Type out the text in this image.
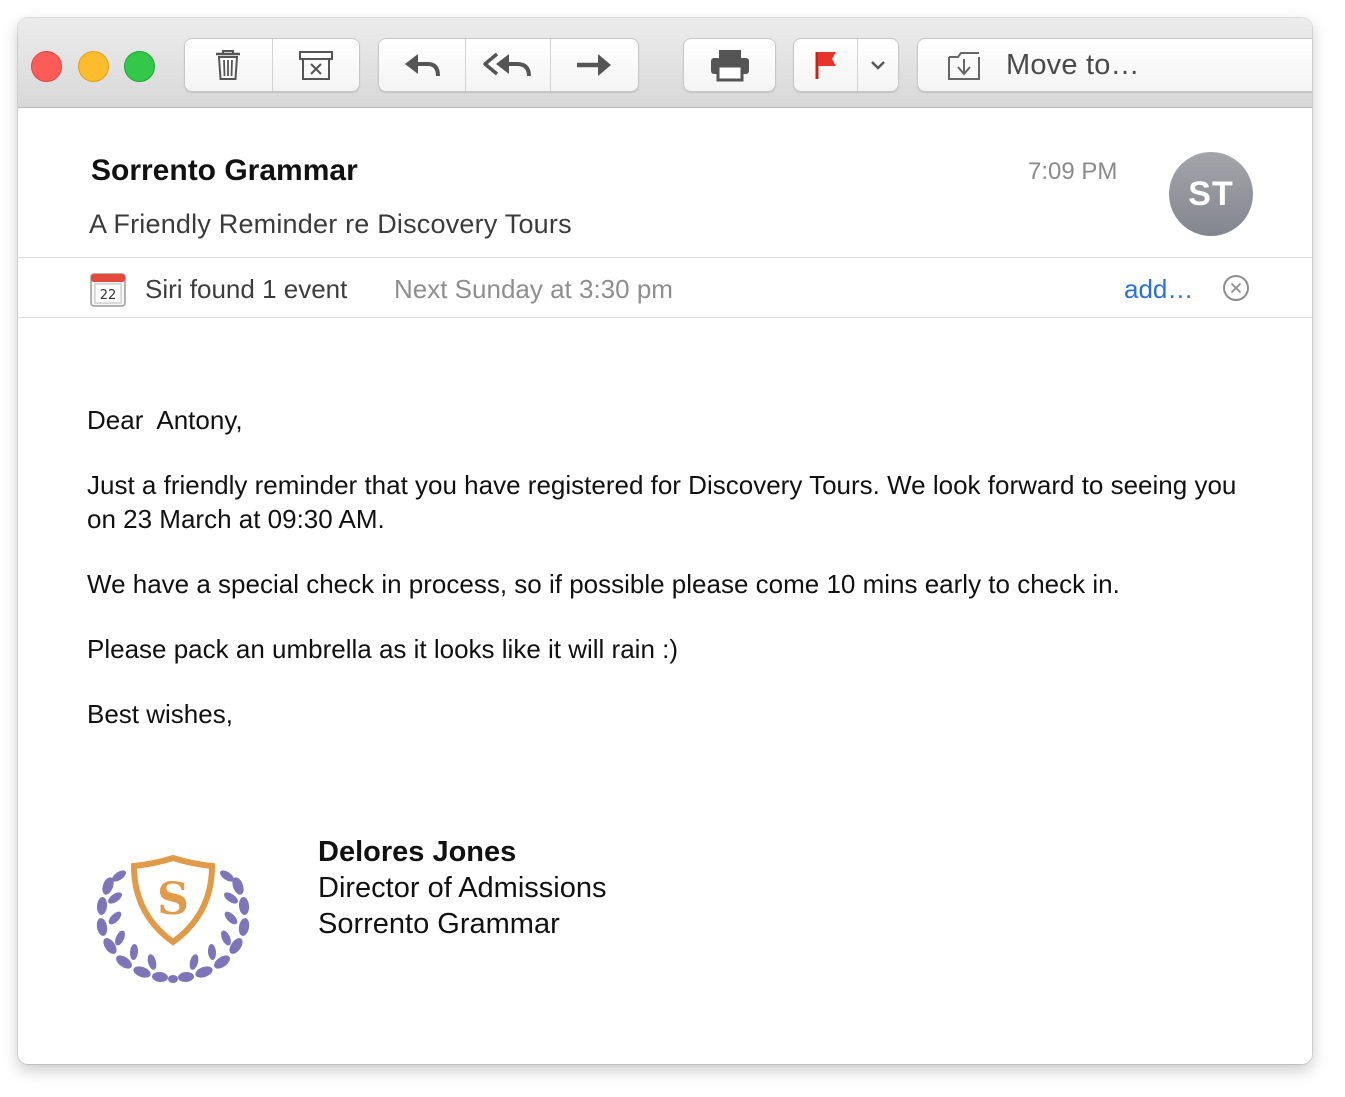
Move to…
Sorrento Grammar
A Friendly Reminder re Discovery Tours
7:09 PM
ST
22 Siri found 1 event Next Sunday at 3:30 pm	add…

Dear  Antony,

Just a friendly reminder that you have registered for Discovery Tours. We look forward to seeing you on 23 March at 09:30 AM.

We have a special check in process, so if possible please come 10 mins early to check in.

Please pack an umbrella as it looks like it will rain :)

Best wishes,

S
Delores Jones
Director of Admissions
Sorrento Grammar
